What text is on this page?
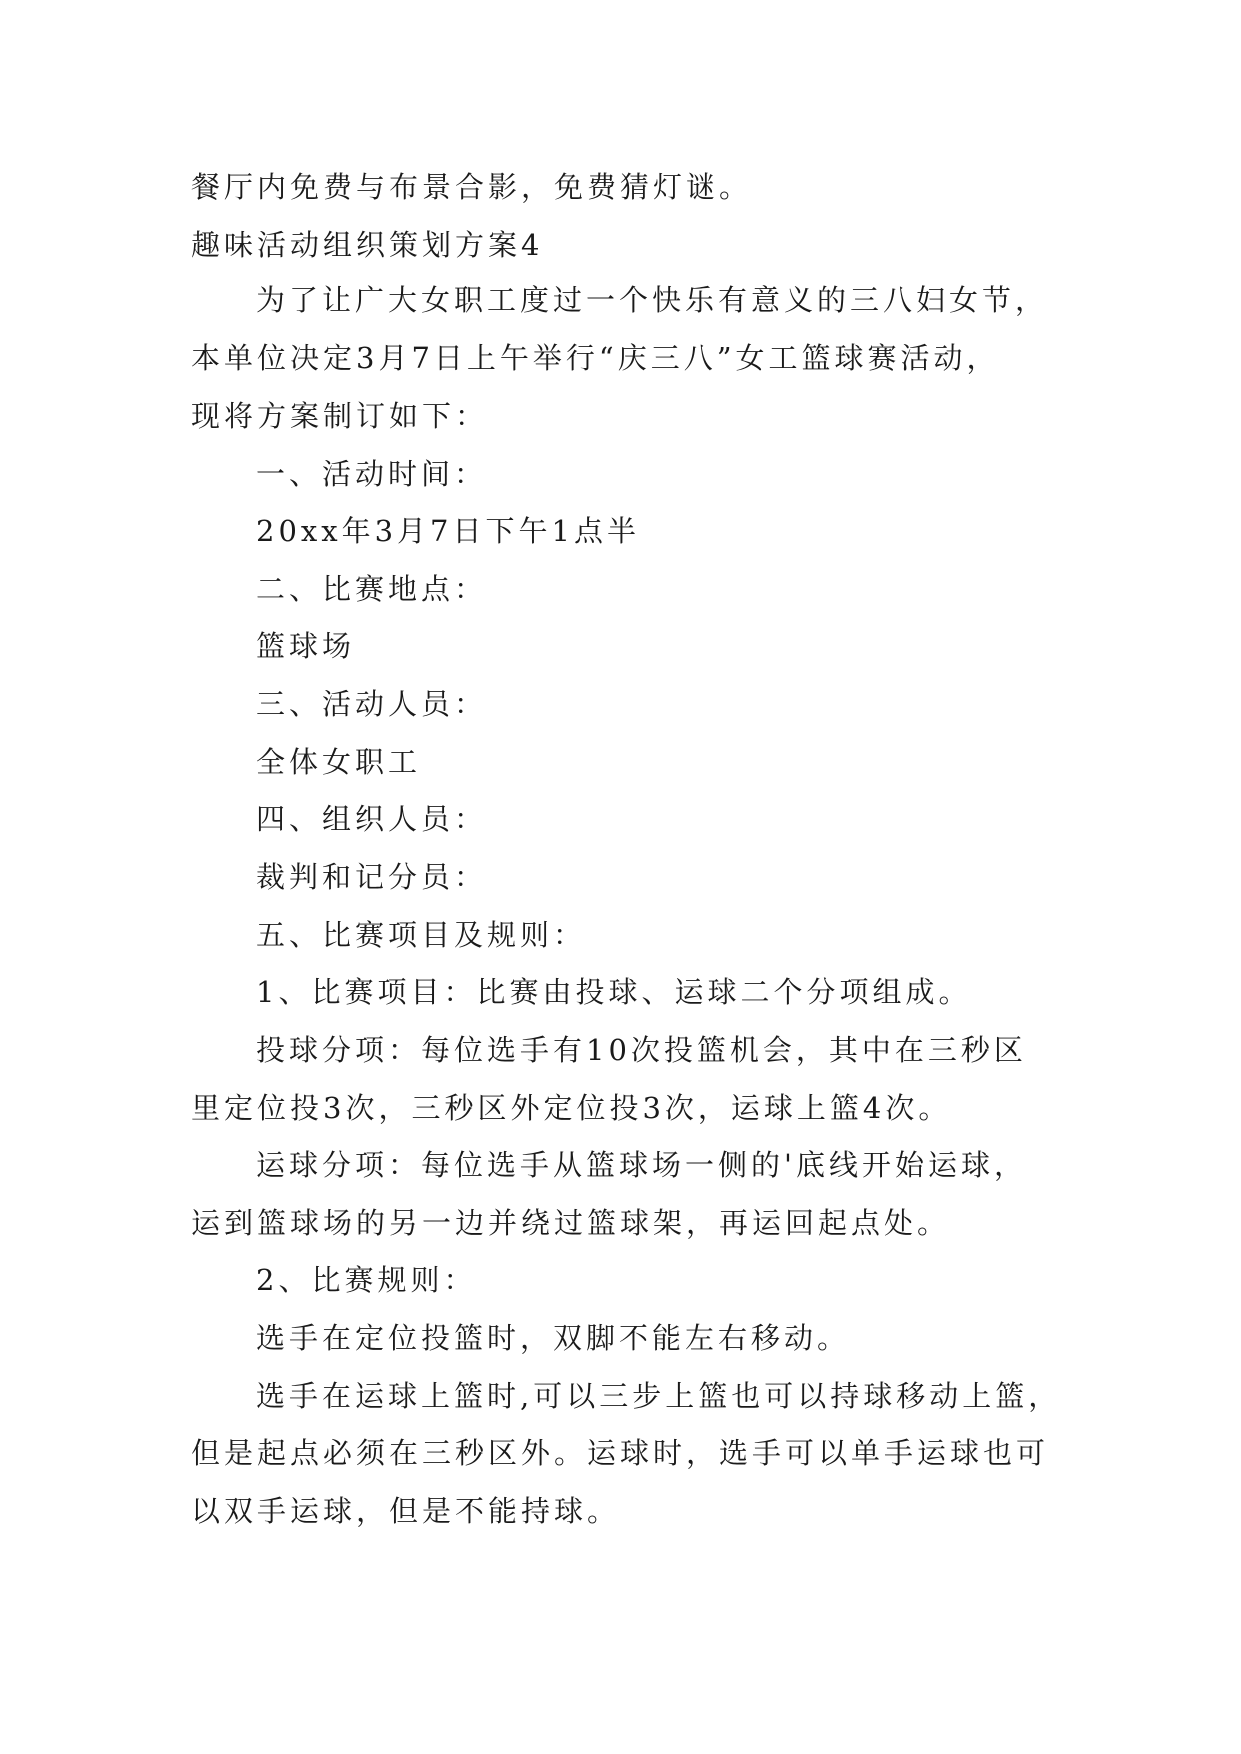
餐厅内免费与布景合影，免费猜灯谜。
趣味活动组织策划方案4
为了让广大女职工度过一个快乐有意义的三八妇女节，
本单位决定3月7日上午举行“庆三八”女工篮球赛活动，
现将方案制订如下：
一、活动时间：
20xx年3月7日下午1点半
二、比赛地点：
篮球场
三、活动人员：
全体女职工
四、组织人员：
裁判和记分员：
五、比赛项目及规则：
1、比赛项目：比赛由投球、运球二个分项组成。
投球分项：每位选手有10次投篮机会，其中在三秒区
里定位投3次，三秒区外定位投3次，运球上篮4次。
运球分项：每位选手从篮球场一侧的'底线开始运球，
运到篮球场的另一边并绕过篮球架，再运回起点处。
2、比赛规则：
选手在定位投篮时，双脚不能左右移动。
选手在运球上篮时,可以三步上篮也可以持球移动上篮，
但是起点必须在三秒区外。运球时，选手可以单手运球也可
以双手运球，但是不能持球。
